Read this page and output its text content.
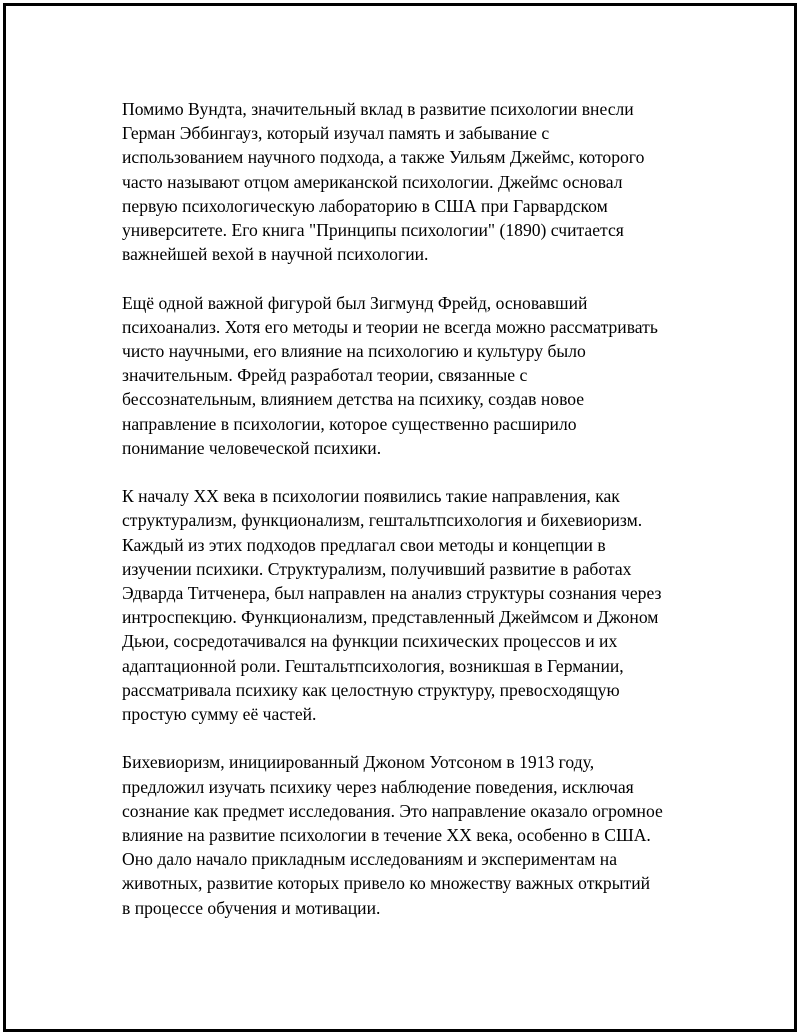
Помимо Вундта, значительный вклад в развитие психологии внесли
Герман Эббингауз, который изучал память и забывание с
использованием научного подхода, а также Уильям Джеймс, которого
часто называют отцом американской психологии. Джеймс основал
первую психологическую лабораторию в США при Гарвардском
университете. Его книга "Принципы психологии" (1890) считается
важнейшей вехой в научной психологии.

Ещё одной важной фигурой был Зигмунд Фрейд, основавший
психоанализ. Хотя его методы и теории не всегда можно рассматривать
чисто научными, его влияние на психологию и культуру было
значительным. Фрейд разработал теории, связанные с
бессознательным, влиянием детства на психику, создав новое
направление в психологии, которое существенно расширило
понимание человеческой психики.

К началу XX века в психологии появились такие направления, как
структурализм, функционализм, гештальтпсихология и бихевиоризм.
Каждый из этих подходов предлагал свои методы и концепции в
изучении психики. Структурализм, получивший развитие в работах
Эдварда Титченера, был направлен на анализ структуры сознания через
интроспекцию. Функционализм, представленный Джеймсом и Джоном
Дьюи, сосредотачивался на функции психических процессов и их
адаптационной роли. Гештальтпсихология, возникшая в Германии,
рассматривала психику как целостную структуру, превосходящую
простую сумму её частей.

Бихевиоризм, инициированный Джоном Уотсоном в 1913 году,
предложил изучать психику через наблюдение поведения, исключая
сознание как предмет исследования. Это направление оказало огромное
влияние на развитие психологии в течение XX века, особенно в США.
Оно дало начало прикладным исследованиям и экспериментам на
животных, развитие которых привело ко множеству важных открытий
в процессе обучения и мотивации.
